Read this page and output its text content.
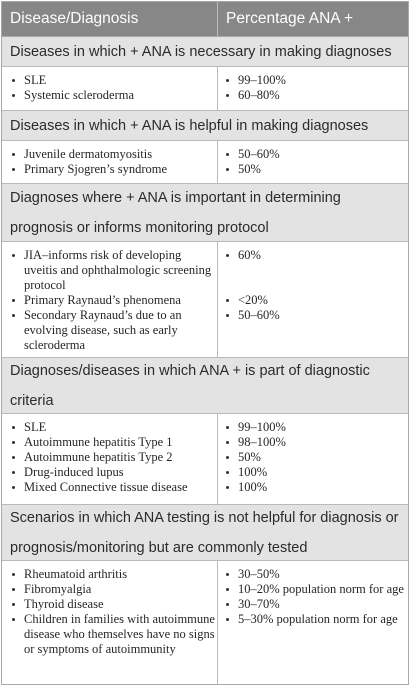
Disease/Diagnosis	Percentage ANA +
Diseases in which + ANA is necessary in making diagnoses
SLE
Systemic scleroderma
99–100%
60–80%
Diseases in which + ANA is helpful in making diagnoses
Juvenile dermatomyositis
Primary Sjogren’s syndrome
50–60%
50%
Diagnoses where + ANA is important in determining
prognosis or informs monitoring protocol
JIA–informs risk of developing uveitis and ophthalmologic screening protocol
Primary Raynaud’s phenomena
Secondary Raynaud’s due to an evolving disease, such as early scleroderma
60%
<20%
50–60%
Diagnoses/diseases in which ANA + is part of diagnostic
criteria
SLE
Autoimmune hepatitis Type 1
Autoimmune hepatitis Type 2
Drug-induced lupus
Mixed Connective tissue disease
99–100%
98–100%
50%
100%
100%
Scenarios in which ANA testing is not helpful for diagnosis or
prognosis/monitoring but are commonly tested
Rheumatoid arthritis
Fibromyalgia
Thyroid disease
Children in families with autoimmune disease who themselves have no signs or symptoms of autoimmunity
30–50%
10–20% population norm for age
30–70%
5–30% population norm for age
